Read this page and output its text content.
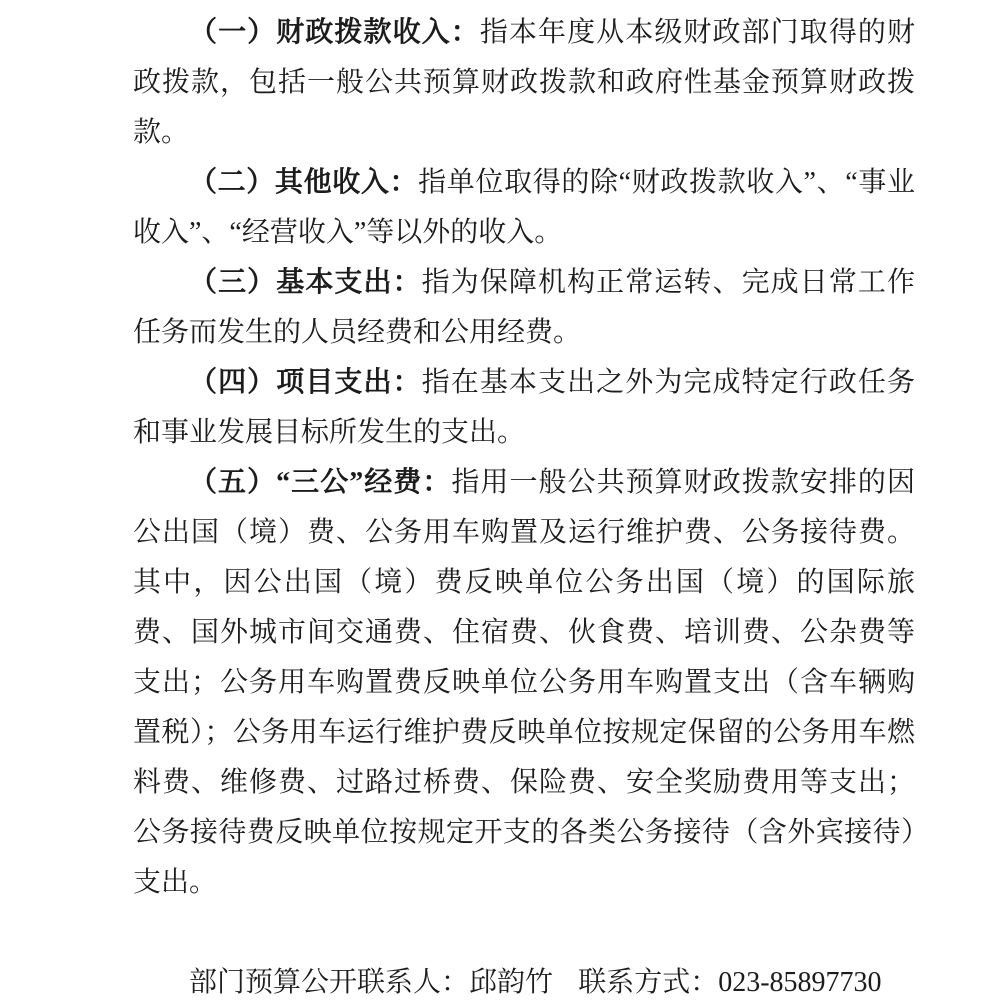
（一）财政拨款收入：指本年度从本级财政部门取得的财政拨款，包括一般公共预算财政拨款和政府性基金预算财政拨款。

（二）其他收入：指单位取得的除“财政拨款收入”、“事业收入”、“经营收入”等以外的收入。

（三）基本支出：指为保障机构正常运转、完成日常工作任务而发生的人员经费和公用经费。

（四）项目支出：指在基本支出之外为完成特定行政任务和事业发展目标所发生的支出。

（五）“三公”经费：指用一般公共预算财政拨款安排的因公出国（境）费、公务用车购置及运行维护费、公务接待费。其中，因公出国（境）费反映单位公务出国（境）的国际旅费、国外城市间交通费、住宿费、伙食费、培训费、公杂费等支出；公务用车购置费反映单位公务用车购置支出（含车辆购置税）；公务用车运行维护费反映单位按规定保留的公务用车燃料费、维修费、过路过桥费、保险费、安全奖励费用等支出；公务接待费反映单位按规定开支的各类公务接待（含外宾接待）支出。

部门预算公开联系人：邱韵竹 联系方式：023-85897730
